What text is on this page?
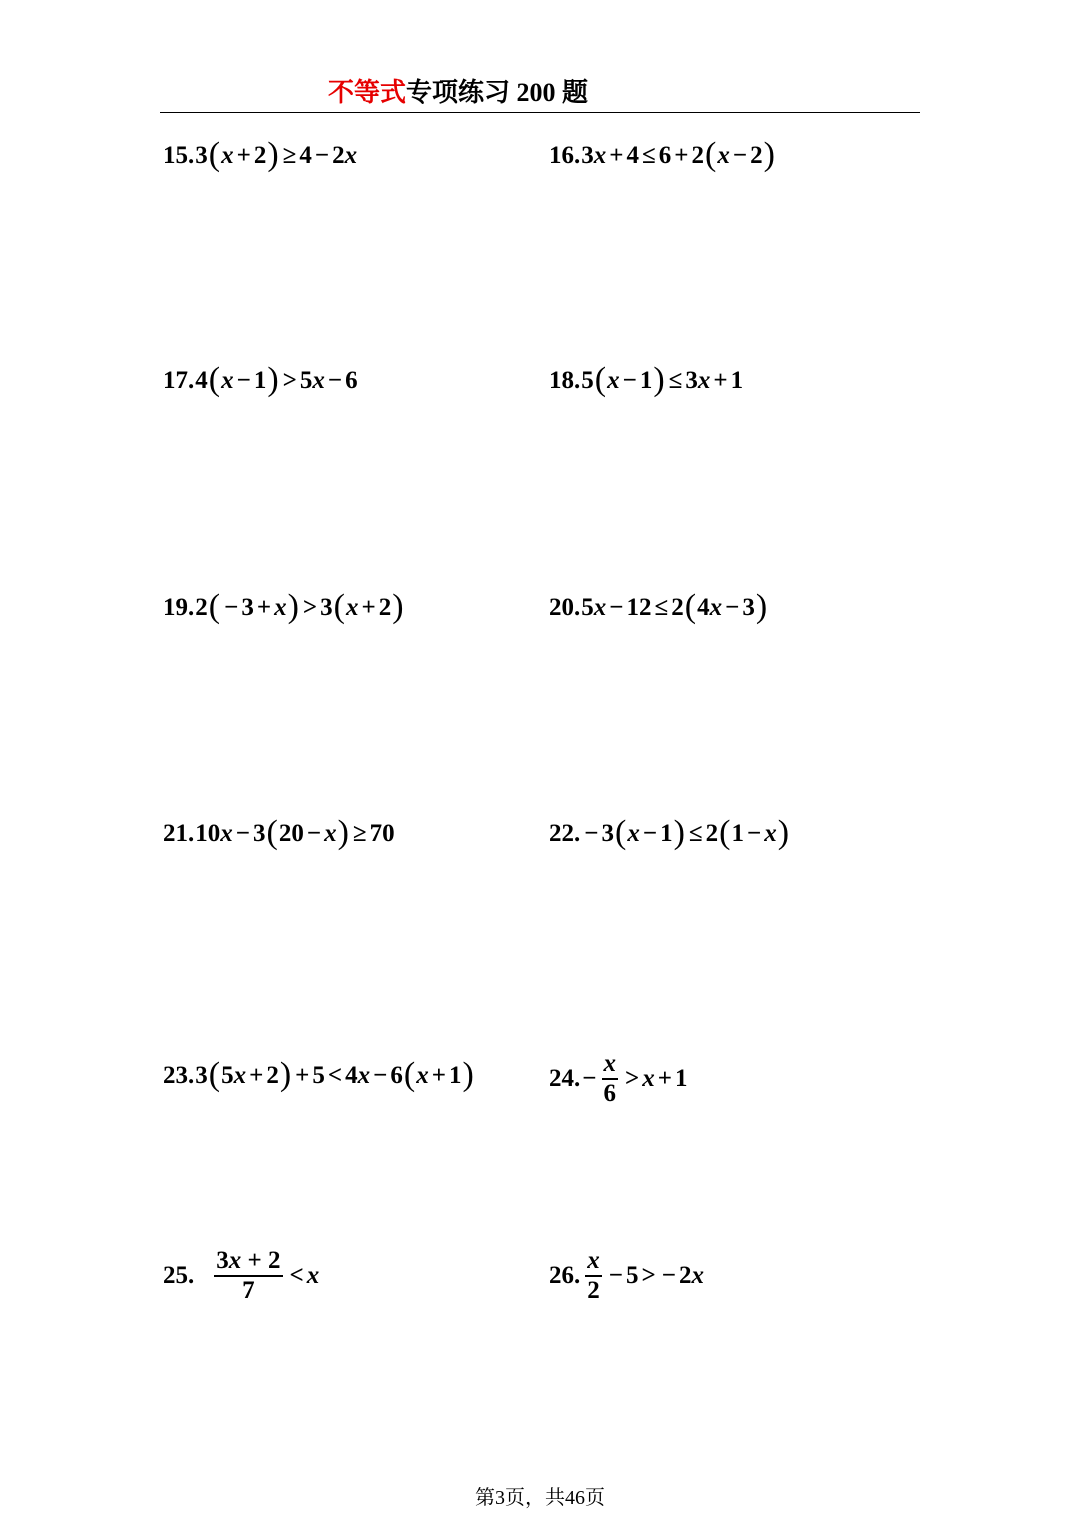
不等式专项练习 200 题
15. 3 ( x + 2 ) ≥ 4 − 2 x	16. 3 x + 4 ≤ 6 + 2 ( x − 2 )
17. 4 ( x − 1 ) > 5 x − 6	18. 5 ( x − 1 ) ≤ 3 x + 1
19. 2 ( − 3 + x ) > 3 ( x + 2 )	20. 5 x − 12 ≤ 2 ( 4 x − 3 )
21. 10 x − 3 ( 20 − x ) ≥ 70	22. − 3 ( x − 1 ) ≤ 2 ( 1 − x )
23. 3 ( 5 x + 2 ) + 5 < 4 x − 6 ( x + 1 )	24. − $\frac{x}{6} > x + 1$
25. $\frac{3x + 2}{7} < x$	26. $\frac{x}{2} - 5$ > − 2 x
第3页，共46页
